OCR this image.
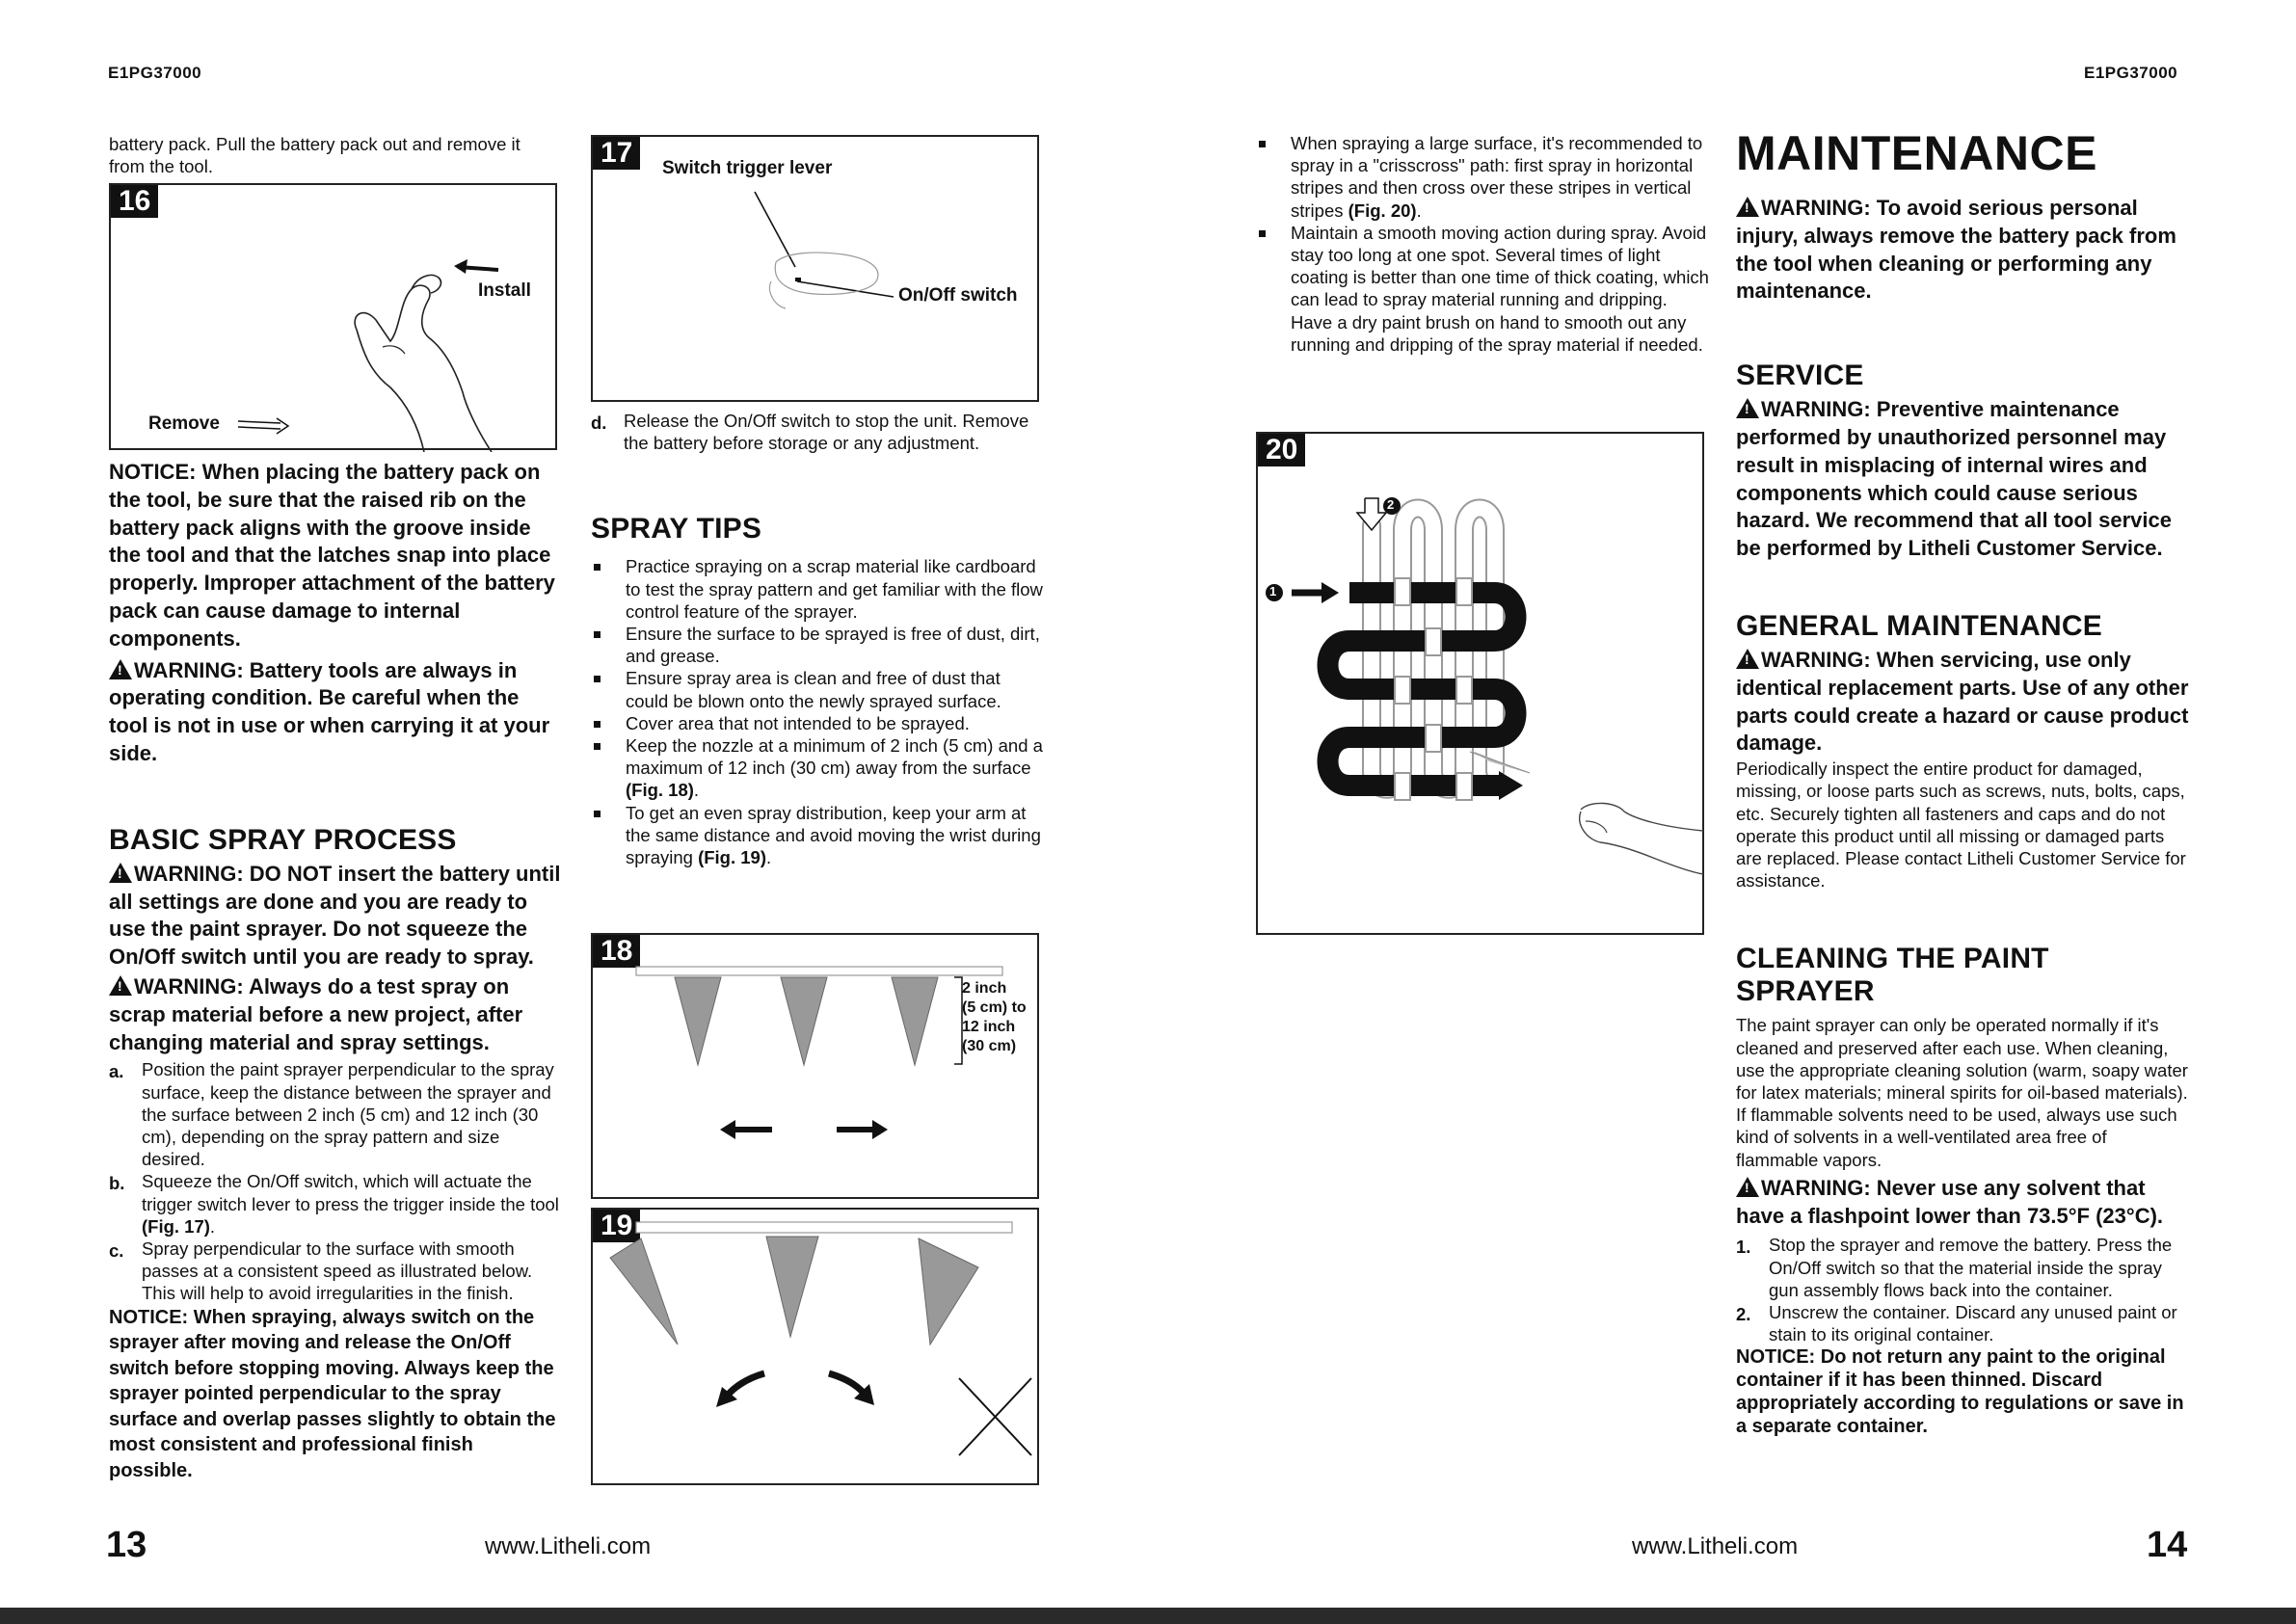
E1PG37000	E1PG37000

battery pack. Pull the battery pack out and remove it from the tool.

16
Install
Remove

NOTICE: When placing the battery pack on the tool, be sure that the raised rib on the battery pack aligns with the groove inside the tool and that the latches snap into place properly. Improper attachment of the battery pack can cause damage to internal components.

!WARNING: Battery tools are always in operating condition. Be careful when the tool is not in use or when carrying it at your side.

BASIC SPRAY PROCESS

!WARNING: DO NOT insert the battery until all settings are done and you are ready to use the paint sprayer. Do not squeeze the On/Off switch until you are ready to spray.

!WARNING: Always do a test spray on scrap material before a new project, after changing material and spray settings.

a. Position the paint sprayer perpendicular to the spray surface, keep the distance between the sprayer and the surface between 2 inch (5 cm) and 12 inch (30 cm), depending on the spray pattern and size desired.
b. Squeeze the On/Off switch, which will actuate the trigger switch lever to press the trigger inside the tool (Fig. 17).
c. Spray perpendicular to the surface with smooth passes at a consistent speed as illustrated below. This will help to avoid irregularities in the finish.

NOTICE: When spraying, always switch on the sprayer after moving and release the On/Off switch before stopping moving. Always keep the sprayer pointed perpendicular to the spray surface and overlap passes slightly to obtain the most consistent and professional finish possible.

13	www.Litheli.com
17	Switch trigger lever
On/Off switch
d. Release the On/Off switch to stop the unit. Remove the battery before storage or any adjustment.
SPRAY TIPS
Practice spraying on a scrap material like cardboard to test the spray pattern and get familiar with the flow control feature of the sprayer.
Ensure the surface to be sprayed is free of dust, dirt, and grease.
Ensure spray area is clean and free of dust that could be blown onto the newly sprayed surface.
Cover area that not intended to be sprayed.
Keep the nozzle at a minimum of 2 inch (5 cm) and a maximum of 12 inch (30 cm) away from the surface (Fig. 18).
To get an even spray distribution, keep your arm at the same distance and avoid moving the wrist during spraying (Fig. 19).
18
2 inch
(5 cm) to
12 inch
(30 cm)
19
When spraying a large surface, it's recommended to spray in a "crisscross" path: first spray in horizontal stripes and then cross over these stripes in vertical stripes (Fig. 20).
Maintain a smooth moving action during spray. Avoid stay too long at one spot. Several times of light coating is better than one time of thick coating, which can lead to spray material running and dripping. Have a dry paint brush on hand to smooth out any running and dripping of the spray material if needed.
20
1
2
www.Litheli.com
MAINTENANCE

!WARNING: To avoid serious personal injury, always remove the battery pack from the tool when cleaning or performing any maintenance.

SERVICE

!WARNING: Preventive maintenance performed by unauthorized personnel may result in misplacing of internal wires and components which could cause serious hazard. We recommend that all tool service be performed by Litheli Customer Service.

GENERAL MAINTENANCE

!WARNING: When servicing, use only identical replacement parts. Use of any other parts could create a hazard or cause product damage.

Periodically inspect the entire product for damaged, missing, or loose parts such as screws, nuts, bolts, caps, etc. Securely tighten all fasteners and caps and do not operate this product until all missing or damaged parts are replaced. Please contact Litheli Customer Service for assistance.

CLEANING THE PAINT SPRAYER

The paint sprayer can only be operated normally if it's cleaned and preserved after each use. When cleaning, use the appropriate cleaning solution (warm, soapy water for latex materials; mineral spirits for oil-based materials). If flammable solvents need to be used, always use such kind of solvents in a well-ventilated area free of flammable vapors.

!WARNING: Never use any solvent that have a flashpoint lower than 73.5°F (23°C).

1. Stop the sprayer and remove the battery. Press the On/Off switch so that the material inside the spray gun assembly flows back into the container.
2. Unscrew the container. Discard any unused paint or stain to its original container.

NOTICE: Do not return any paint to the original container if it has been thinned. Discard appropriately according to regulations or save in a separate container.

14
